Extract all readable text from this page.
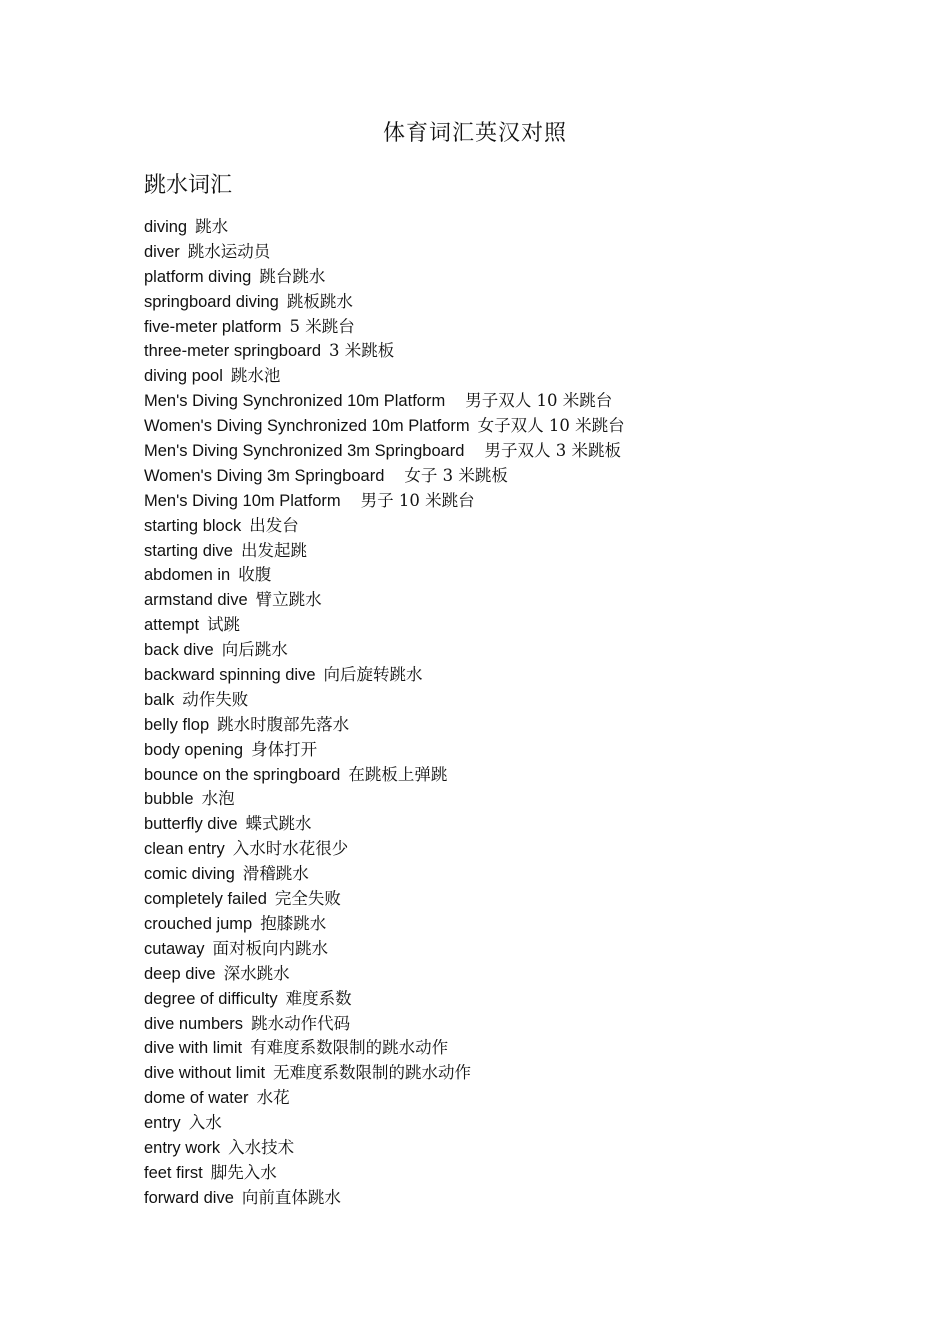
体育词汇英汉对照
跳水词汇
diving 跳水
diver 跳水运动员
platform diving 跳台跳水
springboard diving 跳板跳水
five-meter platform 5 米跳台
three-meter springboard 3 米跳板
diving pool 跳水池
Men's Diving Synchronized 10m Platform 男子双人 10 米跳台
Women's Diving Synchronized 10m Platform 女子双人 10 米跳台
Men's Diving Synchronized 3m Springboard 男子双人 3 米跳板
Women's Diving 3m Springboard 女子 3 米跳板
Men's Diving 10m Platform 男子 10 米跳台
starting block 出发台
starting dive 出发起跳
abdomen in 收腹
armstand dive 臂立跳水
attempt 试跳
back dive 向后跳水
backward spinning dive 向后旋转跳水
balk 动作失败
belly flop 跳水时腹部先落水
body opening 身体打开
bounce on the springboard 在跳板上弹跳
bubble 水泡
butterfly dive 蝶式跳水
clean entry 入水时水花很少
comic diving 滑稽跳水
completely failed 完全失败
crouched jump 抱膝跳水
cutaway 面对板向内跳水
deep dive 深水跳水
degree of difficulty 难度系数
dive numbers 跳水动作代码
dive with limit 有难度系数限制的跳水动作
dive without limit 无难度系数限制的跳水动作
dome of water 水花
entry 入水
entry work 入水技术
feet first 脚先入水
forward dive 向前直体跳水
